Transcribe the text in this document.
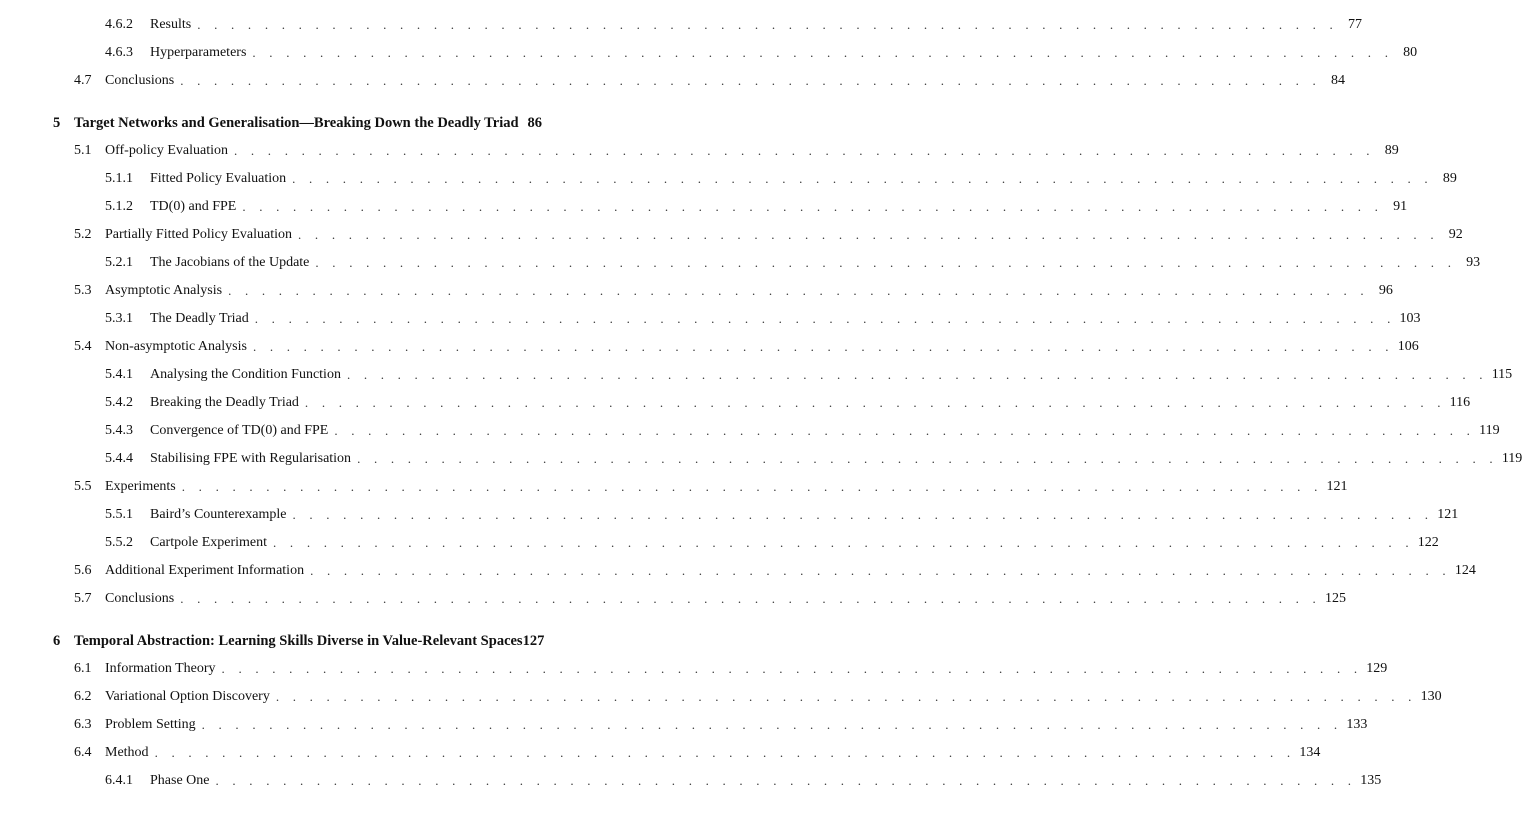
4.6.2	Results . . . . . . . . . . . . . . . . . . . . . . . . . . . . . . . . . . . . . . . . . . . . . . . . . . . . . . . . . . . . . . . . . . . . 77
4.6.3	Hyperparameters . . . . . . . . . . . . . . . . . . . . . . . . . . . . . . . . . . . . . . . . . . . . . . . . . . . . . . . . . . . . . . . . . . . . 80
4.7 Conclusions . . . . . . . . . . . . . . . . . . . . . . . . . . . . . . . . . . . . . . . . . . . . . . . . . . . . . . . . . . . . . . . . . . . . 84
5 Target Networks and Generalisation—Breaking Down the Deadly Triad 86
5.1 Off-policy Evaluation . . . . . . . . . . . . . . . . . . . . . . . . . . . . . . . . . . . . . . . . . . . . . . . . . . . . . . . . . . . . . . . . . . . . 89
5.1.1	Fitted Policy Evaluation . . . . . . . . . . . . . . . . . . . . . . . . . . . . . . . . . . . . . . . . . . . . . . . . . . . . . . . . . . . . . . . . . . . . 89
5.1.2	TD(0) and FPE . . . . . . . . . . . . . . . . . . . . . . . . . . . . . . . . . . . . . . . . . . . . . . . . . . . . . . . . . . . . . . . . . . . . 91
5.2 Partially Fitted Policy Evaluation . . . . . . . . . . . . . . . . . . . . . . . . . . . . . . . . . . . . . . . . . . . . . . . . . . . . . . . . . . . . . . . . . . . . 92
5.2.1	The Jacobians of the Update . . . . . . . . . . . . . . . . . . . . . . . . . . . . . . . . . . . . . . . . . . . . . . . . . . . . . . . . . . . . . . . . . . . . 93
5.3 Asymptotic Analysis . . . . . . . . . . . . . . . . . . . . . . . . . . . . . . . . . . . . . . . . . . . . . . . . . . . . . . . . . . . . . . . . . . . . 96
5.3.1	The Deadly Triad . . . . . . . . . . . . . . . . . . . . . . . . . . . . . . . . . . . . . . . . . . . . . . . . . . . . . . . . . . . . . . . . . . . . 103
5.4 Non-asymptotic Analysis . . . . . . . . . . . . . . . . . . . . . . . . . . . . . . . . . . . . . . . . . . . . . . . . . . . . . . . . . . . . . . . . . . . . 106
5.4.1	Analysing the Condition Function . . . . . . . . . . . . . . . . . . . . . . . . . . . . . . . . . . . . . . . . . . . . . . . . . . . . . . . . . . . . . . . . . . . . 115
5.4.2	Breaking the Deadly Triad . . . . . . . . . . . . . . . . . . . . . . . . . . . . . . . . . . . . . . . . . . . . . . . . . . . . . . . . . . . . . . . . . . . . 116
5.4.3	Convergence of TD(0) and FPE . . . . . . . . . . . . . . . . . . . . . . . . . . . . . . . . . . . . . . . . . . . . . . . . . . . . . . . . . . . . . . . . . . . . 119
5.4.4	Stabilising FPE with Regularisation . . . . . . . . . . . . . . . . . . . . . . . . . . . . . . . . . . . . . . . . . . . . . . . . . . . . . . . . . . . . . . . . . . . . 119
5.5 Experiments . . . . . . . . . . . . . . . . . . . . . . . . . . . . . . . . . . . . . . . . . . . . . . . . . . . . . . . . . . . . . . . . . . . . 121
5.5.1	Baird’s Counterexample . . . . . . . . . . . . . . . . . . . . . . . . . . . . . . . . . . . . . . . . . . . . . . . . . . . . . . . . . . . . . . . . . . . . 121
5.5.2	Cartpole Experiment . . . . . . . . . . . . . . . . . . . . . . . . . . . . . . . . . . . . . . . . . . . . . . . . . . . . . . . . . . . . . . . . . . . . 122
5.6 Additional Experiment Information . . . . . . . . . . . . . . . . . . . . . . . . . . . . . . . . . . . . . . . . . . . . . . . . . . . . . . . . . . . . . . . . . . . . 124
5.7 Conclusions . . . . . . . . . . . . . . . . . . . . . . . . . . . . . . . . . . . . . . . . . . . . . . . . . . . . . . . . . . . . . . . . . . . . 125
6 Temporal Abstraction: Learning Skills Diverse in Value-Relevant Spaces 127
6.1 Information Theory . . . . . . . . . . . . . . . . . . . . . . . . . . . . . . . . . . . . . . . . . . . . . . . . . . . . . . . . . . . . . . . . . . . . 129
6.2 Variational Option Discovery . . . . . . . . . . . . . . . . . . . . . . . . . . . . . . . . . . . . . . . . . . . . . . . . . . . . . . . . . . . . . . . . . . . . 130
6.3 Problem Setting . . . . . . . . . . . . . . . . . . . . . . . . . . . . . . . . . . . . . . . . . . . . . . . . . . . . . . . . . . . . . . . . . . . . 133
6.4 Method . . . . . . . . . . . . . . . . . . . . . . . . . . . . . . . . . . . . . . . . . . . . . . . . . . . . . . . . . . . . . . . . . . . . 134
6.4.1	Phase One . . . . . . . . . . . . . . . . . . . . . . . . . . . . . . . . . . . . . . . . . . . . . . . . . . . . . . . . . . . . . . . . . . . . 135
